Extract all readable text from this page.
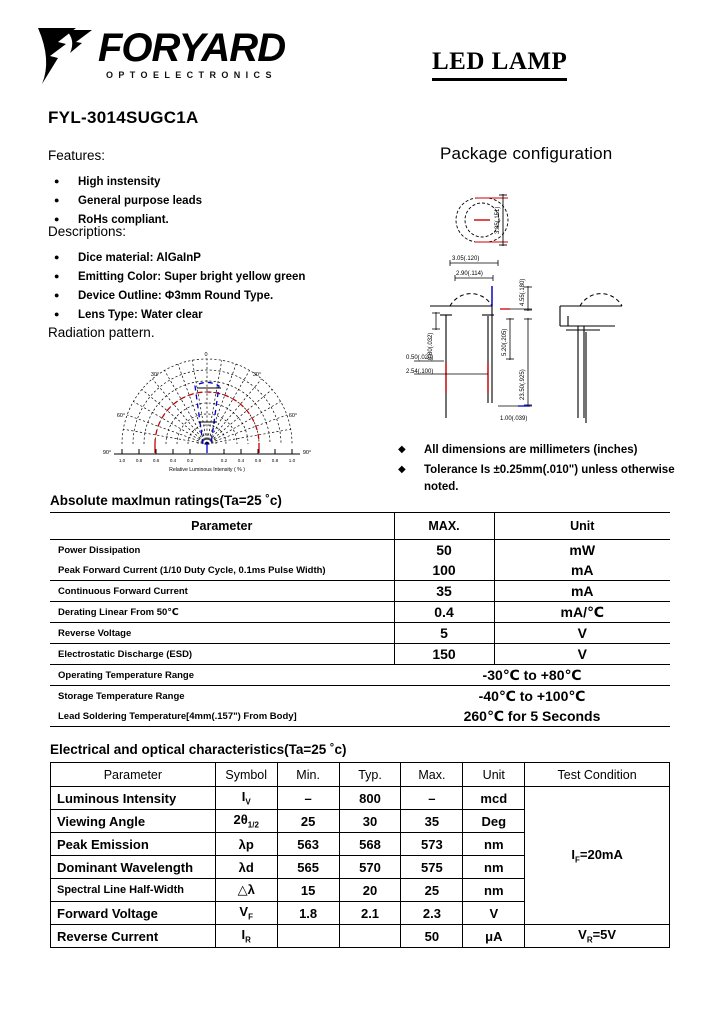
FORYARD
OPTOELECTRONICS	LED LAMP
FYL-3014SUGC1A
Features:
● High instensity
● General purpose leads
● RoHs compliant.
Descriptions:
● Dice material: AlGaInP
● Emitting Color: Super bright yellow green
● Device Outline: Φ3mm Round Type.
● Lens Type: Water clear
Radiation pattern.
0
30°	30°
60°	60°
90°	90°
1.0 0.8 0.6 0.4 0.2	0.2 0.4 0.6 0.8 1.0
Relative Luminous Intensity ( % )
Package configuration
3.85(.151)
3.05(.120)
2.90(.114)
4.55(.180)
5.20(.205)
23.50(.925)
1.00(.039)
0.80(.032)
0.50(.020)
2.54(.100)
◆ All dimensions are millimeters (inches)
◆ Tolerance Is ±0.25mm(.010") unless otherwise noted.
Absolute maxlmun ratings(Ta=25 ˚c)
Parameter	MAX.	Unit
Power Dissipation	50	mW
Peak Forward Current (1/10 Duty Cycle, 0.1ms Pulse Width)	100	mA
Continuous Forward Current	35	mA
Derating Linear From 50℃	0.4	mA/℃
Reverse Voltage	5	V
Electrostatic Discharge (ESD)	150	V
Operating Temperature Range	-30℃ to +80℃	
Storage Temperature Range	-40℃ to +100℃	
Lead Soldering Temperature[4mm(.157") From Body]	260℃ for 5 Seconds	
Electrical and optical characteristics(Ta=25 ˚c)
Parameter	Symbol	Min.	Typ.	Max.	Unit	Test Condition
Luminous Intensity	$I_V$	–	800	–	mcd	$I_F=20mA$
Viewing Angle	$2\theta_{1/2}$	25	30	35	Deg	
Peak Emission	λp	563	568	573	nm	
Dominant Wavelength	λd	565	570	575	nm	
Spectral Line Half-Width	△λ	15	20	25	nm	
Forward Voltage	$V_F$	1.8	2.1	2.3	V	
Reverse Current	$I_R$			50	μA	$V_R=5V$
